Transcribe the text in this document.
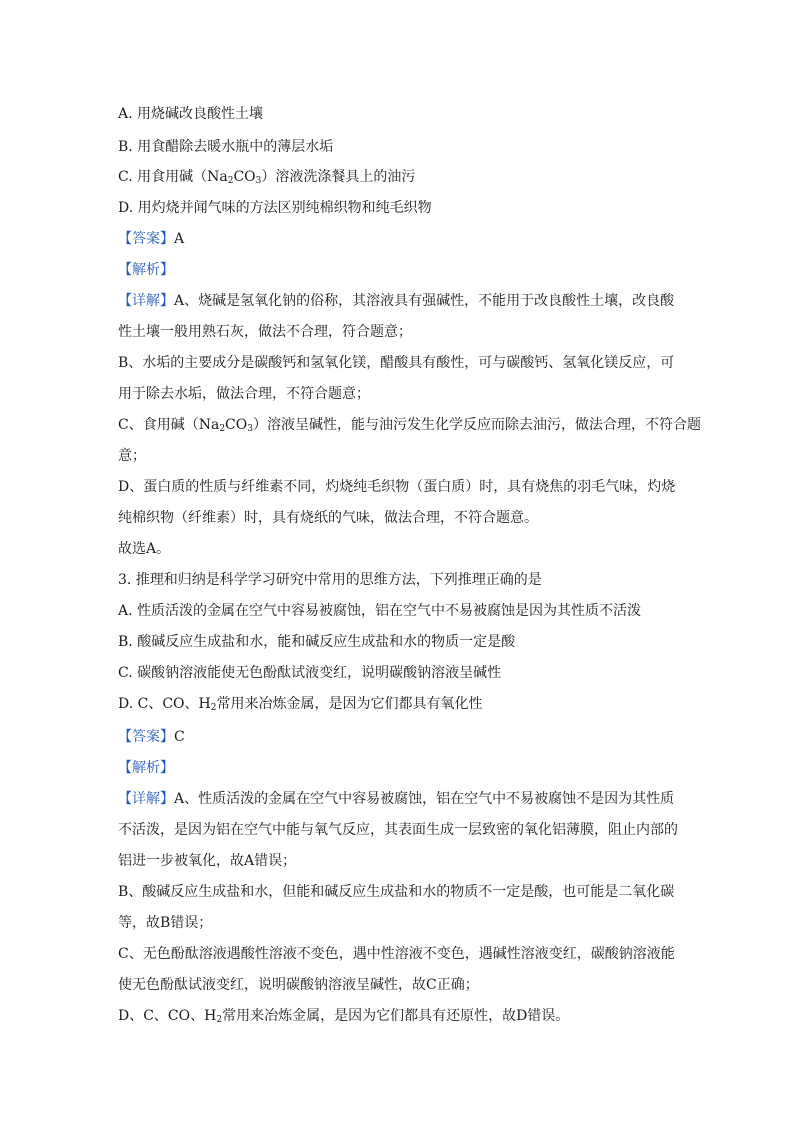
A. 用烧碱改良酸性土壤
B. 用食醋除去暖水瓶中的薄层水垢
C. 用食用碱$(Na_2CO_3)$溶液洗涤餐具上的油污
D. 用灼烧并闻气味的方法区别纯棉织物和纯毛织物
【答案】A
【解析】
【详解】A、烧碱是氢氧化钠的俗称，其溶液具有强碱性，不能用于改良酸性土壤，改良酸
性土壤一般用熟石灰，做法不合理，符合题意；
B、水垢的主要成分是碳酸钙和氢氧化镁，醋酸具有酸性，可与碳酸钙、氢氧化镁反应，可
用于除去水垢，做法合理，不符合题意；
C、食用碱$(Na_2CO_3)$溶液呈碱性，能与油污发生化学反应而除去油污，做法合理，不符合题
意；
D、蛋白质的性质与纤维素不同，灼烧纯毛织物（蛋白质）时，具有烧焦的羽毛气味，灼烧
纯棉织物（纤维素）时，具有烧纸的气味，做法合理，不符合题意。
故选A。
3. 推理和归纳是科学学习研究中常用的思维方法，下列推理正确的是
A. 性质活泼的金属在空气中容易被腐蚀，铝在空气中不易被腐蚀是因为其性质不活泼
B. 酸碱反应生成盐和水，能和碱反应生成盐和水的物质一定是酸
C. 碳酸钠溶液能使无色酚酞试液变红，说明碳酸钠溶液呈碱性
D. C、CO、$H_2$常用来冶炼金属，是因为它们都具有氧化性
【答案】C
【解析】
【详解】A、性质活泼的金属在空气中容易被腐蚀，铝在空气中不易被腐蚀不是因为其性质
不活泼，是因为铝在空气中能与氧气反应，其表面生成一层致密的氧化铝薄膜，阻止内部的
铝进一步被氧化，故A错误；
B、酸碱反应生成盐和水，但能和碱反应生成盐和水的物质不一定是酸，也可能是二氧化碳
等，故B错误；
C、无色酚酞溶液遇酸性溶液不变色，遇中性溶液不变色，遇碱性溶液变红，碳酸钠溶液能
使无色酚酞试液变红，说明碳酸钠溶液呈碱性，故C正确；
D、C、CO、$H_2$常用来冶炼金属，是因为它们都具有还原性，故D错误。
